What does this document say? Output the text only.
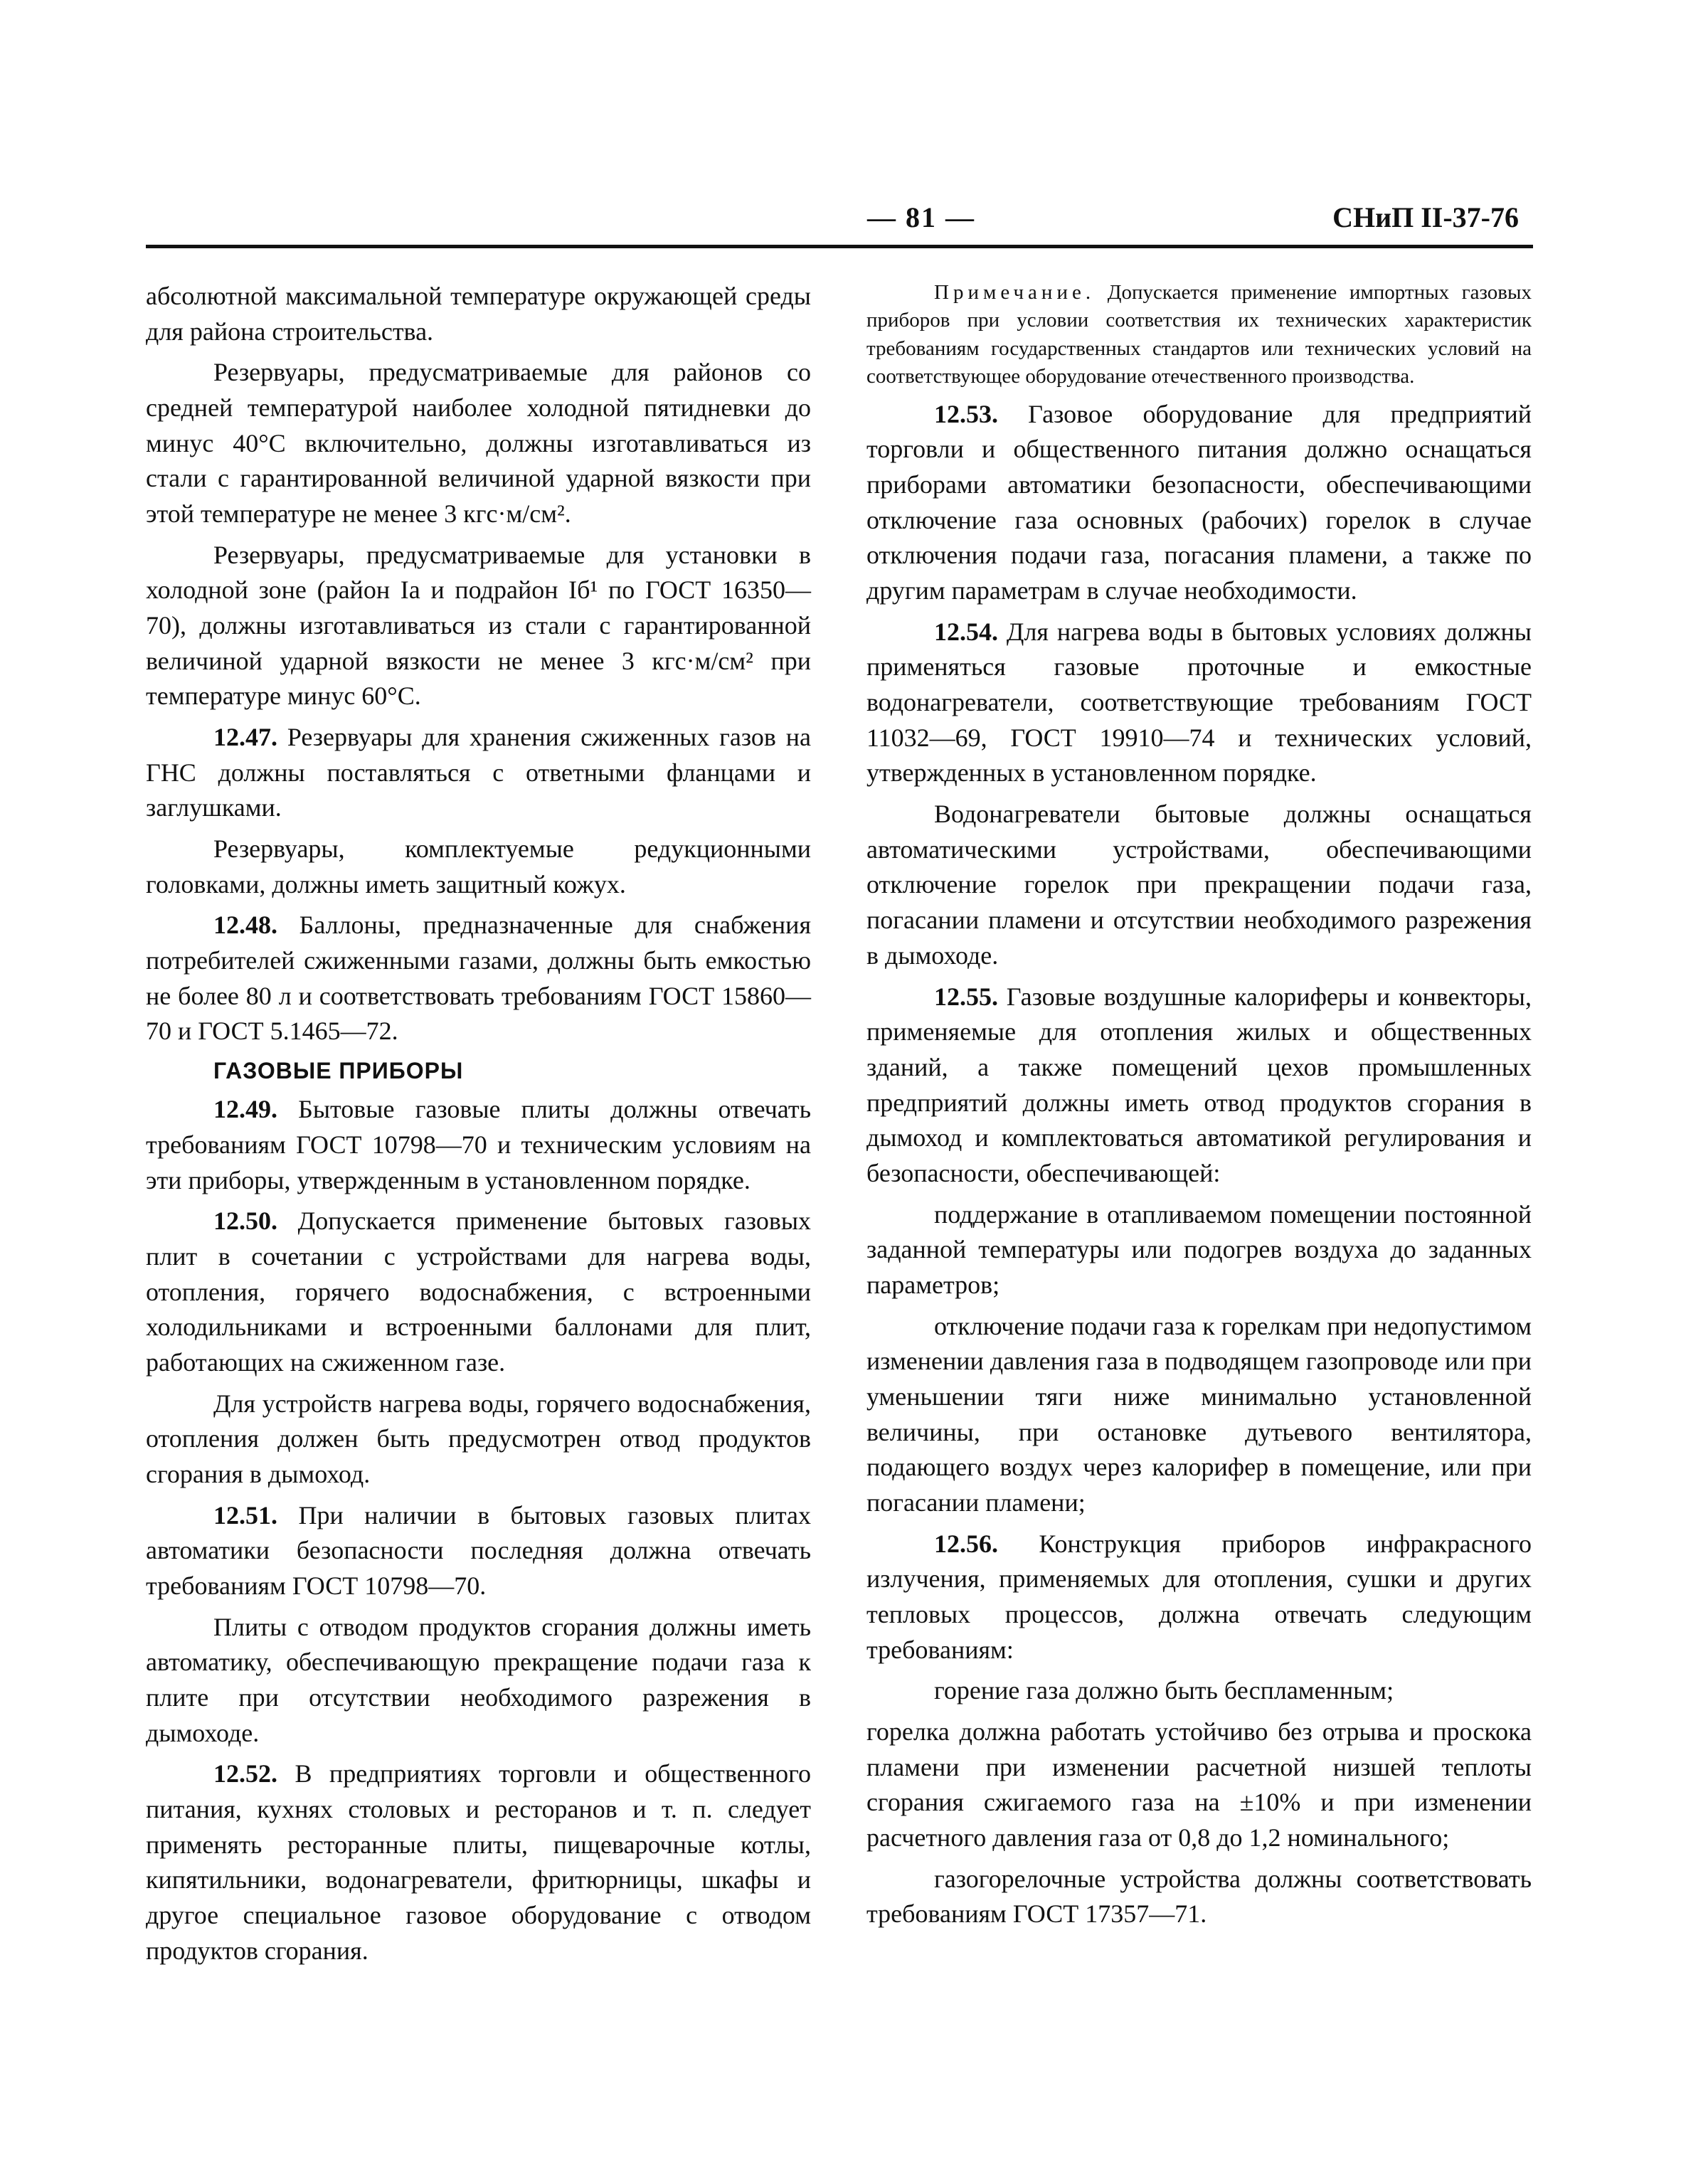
— 81 —	СНиП II-37-76

абсолютной максимальной температуре окружающей среды для района строительства.

Резервуары, предусматриваемые для районов со средней температурой наиболее холодной пятидневки до минус 40°С включительно, должны изготавливаться из стали с гарантированной величиной ударной вязкости при этой температуре не менее 3 кгс·м/см².

Резервуары, предусматриваемые для установки в холодной зоне (район Iа и подрайон Iб¹ по ГОСТ 16350—70), должны изготавливаться из стали с гарантированной величиной ударной вязкости не менее 3 кгс·м/см² при температуре минус 60°С.

12.47. Резервуары для хранения сжиженных газов на ГНС должны поставляться с ответными фланцами и заглушками.

Резервуары, комплектуемые редукционными головками, должны иметь защитный кожух.

12.48. Баллоны, предназначенные для снабжения потребителей сжиженными газами, должны быть емкостью не более 80 л и соответствовать требованиям ГОСТ 15860—70 и ГОСТ 5.1465—72.

ГАЗОВЫЕ ПРИБОРЫ

12.49. Бытовые газовые плиты должны отвечать требованиям ГОСТ 10798—70 и техническим условиям на эти приборы, утвержденным в установленном порядке.

12.50. Допускается применение бытовых газовых плит в сочетании с устройствами для нагрева воды, отопления, горячего водоснабжения, с встроенными холодильниками и встроенными баллонами для плит, работающих на сжиженном газе.

Для устройств нагрева воды, горячего водоснабжения, отопления должен быть предусмотрен отвод продуктов сгорания в дымоход.

12.51. При наличии в бытовых газовых плитах автоматики безопасности последняя должна отвечать требованиям ГОСТ 10798—70.

Плиты с отводом продуктов сгорания должны иметь автоматику, обеспечивающую прекращение подачи газа к плите при отсутствии необходимого разрежения в дымоходе.

12.52. В предприятиях торговли и общественного питания, кухнях столовых и ресторанов и т. п. следует применять ресторанные плиты, пищеварочные котлы, кипятильники, водонагреватели, фритюрницы, шкафы и другое специальное газовое оборудование с отводом продуктов сгорания.

Примечание. Допускается применение импортных газовых приборов при условии соответствия их технических характеристик требованиям государственных стандартов или технических условий на соответствующее оборудование отечественного производства.

12.53. Газовое оборудование для предприятий торговли и общественного питания должно оснащаться приборами автоматики безопасности, обеспечивающими отключение газа основных (рабочих) горелок в случае отключения подачи газа, погасания пламени, а также по другим параметрам в случае необходимости.

12.54. Для нагрева воды в бытовых условиях должны применяться газовые проточные и емкостные водонагреватели, соответствующие требованиям ГОСТ 11032—69, ГОСТ 19910—74 и технических условий, утвержденных в установленном порядке.

Водонагреватели бытовые должны оснащаться автоматическими устройствами, обеспечивающими отключение горелок при прекращении подачи газа, погасании пламени и отсутствии необходимого разрежения в дымоходе.

12.55. Газовые воздушные калориферы и конвекторы, применяемые для отопления жилых и общественных зданий, а также помещений цехов промышленных предприятий должны иметь отвод продуктов сгорания в дымоход и комплектоваться автоматикой регулирования и безопасности, обеспечивающей:

поддержание в отапливаемом помещении постоянной заданной температуры или подогрев воздуха до заданных параметров;

отключение подачи газа к горелкам при недопустимом изменении давления газа в подводящем газопроводе или при уменьшении тяги ниже минимально установленной величины, при остановке дутьевого вентилятора, подающего воздух через калорифер в помещение, или при погасании пламени;

12.56. Конструкция приборов инфракрасного излучения, применяемых для отопления, сушки и других тепловых процессов, должна отвечать следующим требованиям:

горение газа должно быть беспламенным;

горелка должна работать устойчиво без отрыва и проскока пламени при изменении расчетной низшей теплоты сгорания сжигаемого газа на ±10% и при изменении расчетного давления газа от 0,8 до 1,2 номинального;

газогорелочные устройства должны соответствовать требованиям ГОСТ 17357—71.
